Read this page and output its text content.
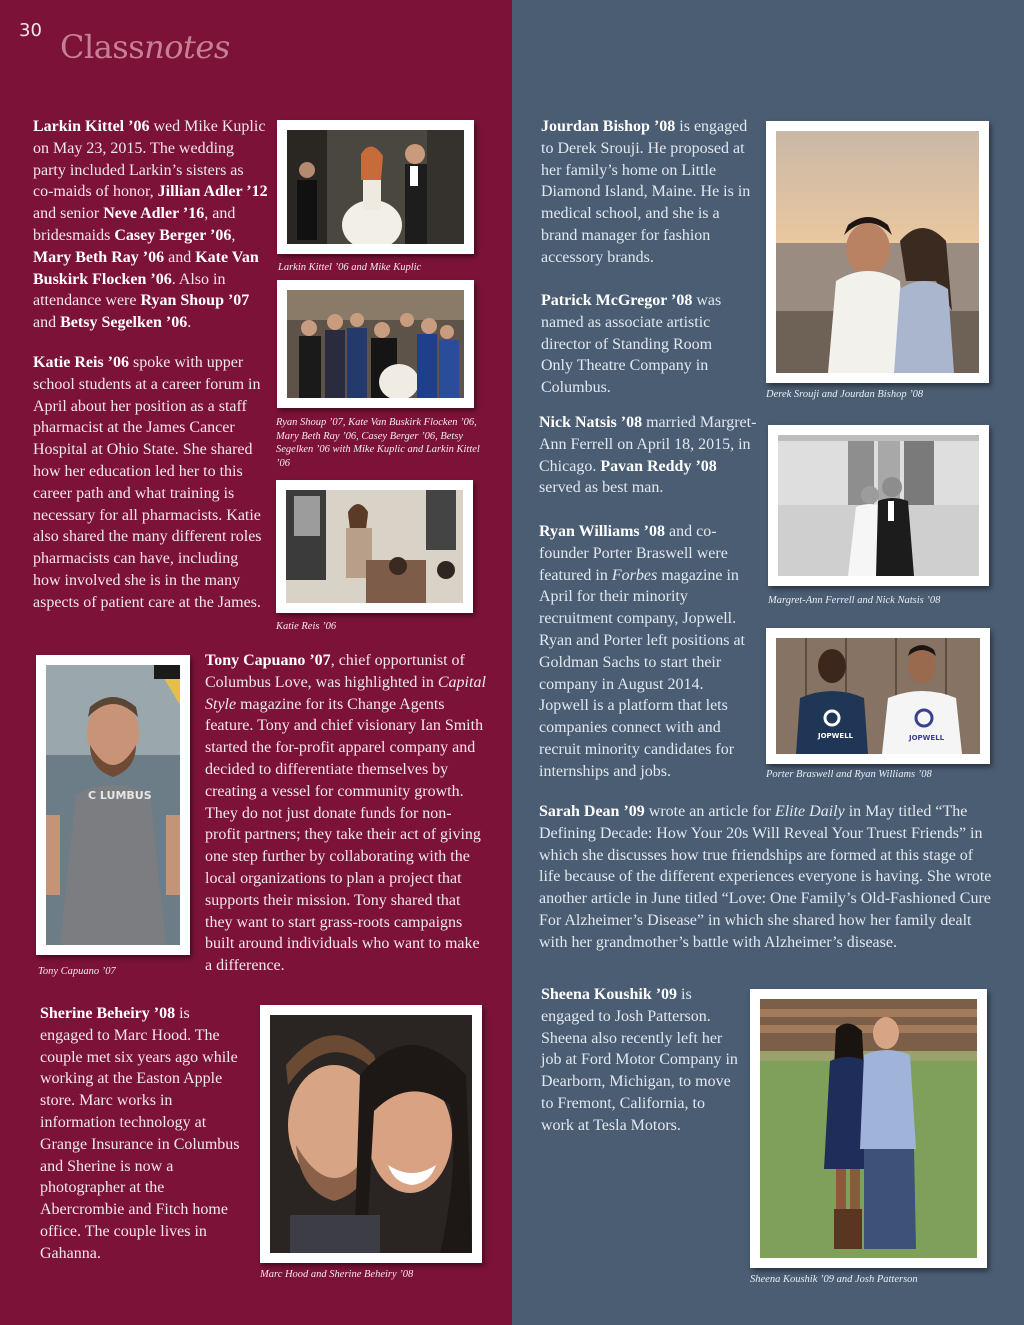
30 Classnotes
Larkin Kittel ’06 wed Mike Kuplic on May 23, 2015. The wedding party included Larkin’s sisters as co-maids of honor, Jillian Adler ’12 and senior Neve Adler ’16, and bridesmaids Casey Berger ’06, Mary Beth Ray ’06 and Kate Van Buskirk Flocken ’06. Also in attendance were Ryan Shoup ’07 and Betsy Segelken ’06.
Katie Reis ’06 spoke with upper school students at a career forum in April about her position as a staff pharmacist at the James Cancer Hospital at Ohio State. She shared how her education led her to this career path and what training is necessary for all pharmacists. Katie also shared the many different roles pharmacists can have, including how involved she is in the many aspects of patient care at the James.
Tony Capuano ’07, chief opportunist of Columbus Love, was highlighted in Capital Style magazine for its Change Agents feature. Tony and chief visionary Ian Smith started the for-profit apparel company and decided to differentiate themselves by creating a vessel for community growth. They do not just donate funds for non-profit partners; they take their act of giving one step further by collaborating with the local organizations to plan a project that supports their mission. Tony shared that they want to start grass-roots campaigns built around individuals who want to make a difference.
Sherine Beheiry ’08 is engaged to Marc Hood. The couple met six years ago while working at the Easton Apple store. Marc works in information technology at Grange Insurance in Columbus and Sherine is now a photographer at the Abercrombie and Fitch home office. The couple lives in Gahanna.
Jourdan Bishop ’08 is engaged to Derek Srouji. He proposed at her family’s home on Little Diamond Island, Maine. He is in medical school, and she is a brand manager for fashion accessory brands.
Patrick McGregor ’08 was named as associate artistic director of Standing Room Only Theatre Company in Columbus.
Nick Natsis ’08 married Margret-Ann Ferrell on April 18, 2015, in Chicago. Pavan Reddy ’08 served as best man.
Ryan Williams ’08 and co-founder Porter Braswell were featured in Forbes magazine in April for their minority recruitment company, Jopwell. Ryan and Porter left positions at Goldman Sachs to start their company in August 2014. Jopwell is a platform that lets companies connect with and recruit minority candidates for internships and jobs.
Sarah Dean ’09 wrote an article for Elite Daily in May titled “The Defining Decade: How Your 20s Will Reveal Your Truest Friends” in which she discusses how true friendships are formed at this stage of life because of the different experiences everyone is having. She wrote another article in June titled “Love: One Family’s Old-Fashioned Cure For Alzheimer’s Disease” in which she shared how her family dealt with her grandmother’s battle with Alzheimer’s disease.
Sheena Koushik ’09 is engaged to Josh Patterson. Sheena also recently left her job at Ford Motor Company in Dearborn, Michigan, to move to Fremont, California, to work at Tesla Motors.
Larkin Kittel ’06 and Mike Kuplic
Ryan Shoup ’07, Kate Van Buskirk Flocken ’06, Mary Beth Ray ’06, Casey Berger ’06, Betsy Segelken ’06 with Mike Kuplic and Larkin Kittel ’06
Katie Reis ’06
C LUMBUS
Tony Capuano ’07
Marc Hood and Sherine Beheiry ’08
Derek Srouji and Jourdan Bishop ’08
Margret-Ann Ferrell and Nick Natsis ’08
JOPWELL	JOPWELL
Porter Braswell and Ryan Williams ’08
Sheena Koushik ’09 and Josh Patterson
